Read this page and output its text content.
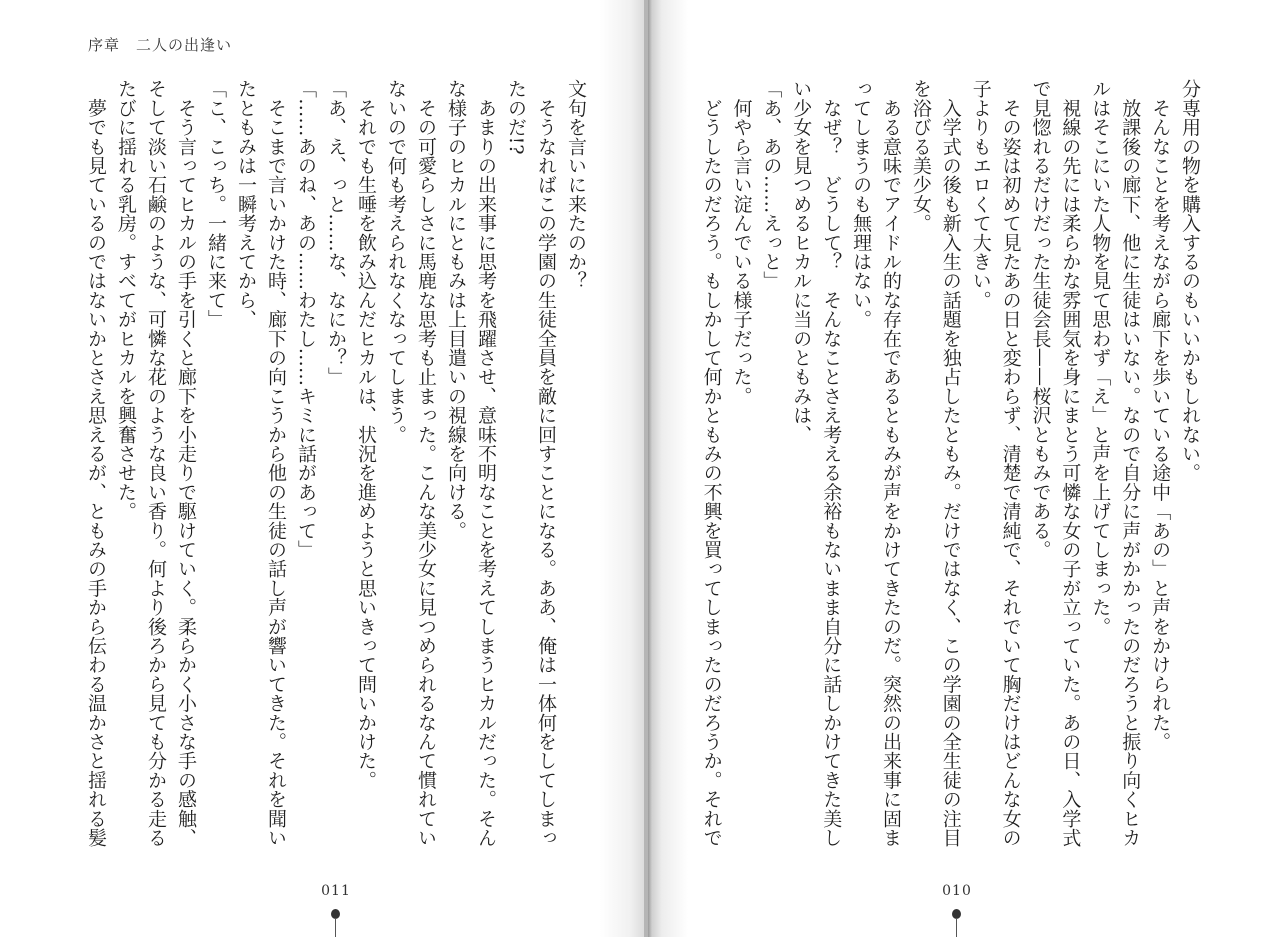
序章　二人の出逢い
文句を言いに来たのか？
　そうなればこの学園の生徒全員を敵に回すことになる。ああ、俺は一体何をしてしまっ
たのだ!?
　あまりの出来事に思考を飛躍させ、意味不明なことを考えてしまうヒカルだった。そん
な様子のヒカルにともみは上目遣いの視線を向ける。
　その可愛らしさに馬鹿な思考も止まった。こんな美少女に見つめられるなんて慣れてい
ないので何も考えられなくなってしまう。
　それでも生唾を飲み込んだヒカルは、状況を進めようと思いきって問いかけた。
「あ、え、っと……な、なにか？」
「……あのね、あの……わたし……キミに話があって」
　そこまで言いかけた時、廊下の向こうから他の生徒の話し声が響いてきた。それを聞い
たともみは一瞬考えてから、
「こ、こっち。一緒に来て」
　そう言ってヒカルの手を引くと廊下を小走りで駆けていく。柔らかく小さな手の感触、
そして淡い石鹸のような、可憐な花のような良い香り。何より後ろから見ても分かる走る
たびに揺れる乳房。すべてがヒカルを興奮させた。
　夢でも見ているのではないかとさえ思えるが、ともみの手から伝わる温かさと揺れる髪
011
分専用の物を購入するのもいいかもしれない。
　そんなことを考えながら廊下を歩いている途中「あの」と声をかけられた。
　放課後の廊下、他に生徒はいない。なので自分に声がかかったのだろうと振り向くヒカ
ルはそこにいた人物を見て思わず「え」と声を上げてしまった。
　視線の先には柔らかな雰囲気を身にまとう可憐な女の子が立っていた。あの日、入学式
で見惚れるだけだった生徒会長——桜沢ともみである。
　その姿は初めて見たあの日と変わらず、清楚で清純で、それでいて胸だけはどんな女の
子よりもエロくて大きい。
　入学式の後も新入生の話題を独占したともみ。だけではなく、この学園の全生徒の注目
を浴びる美少女。
　ある意味でアイドル的な存在であるともみが声をかけてきたのだ。突然の出来事に固ま
ってしまうのも無理はない。
　なぜ？　どうして？　そんなことさえ考える余裕もないまま自分に話しかけてきた美し
い少女を見つめるヒカルに当のともみは、
「あ、あの……えっと」
　何やら言い淀んでいる様子だった。
　どうしたのだろう。もしかして何かともみの不興を買ってしまったのだろうか。それで
010
